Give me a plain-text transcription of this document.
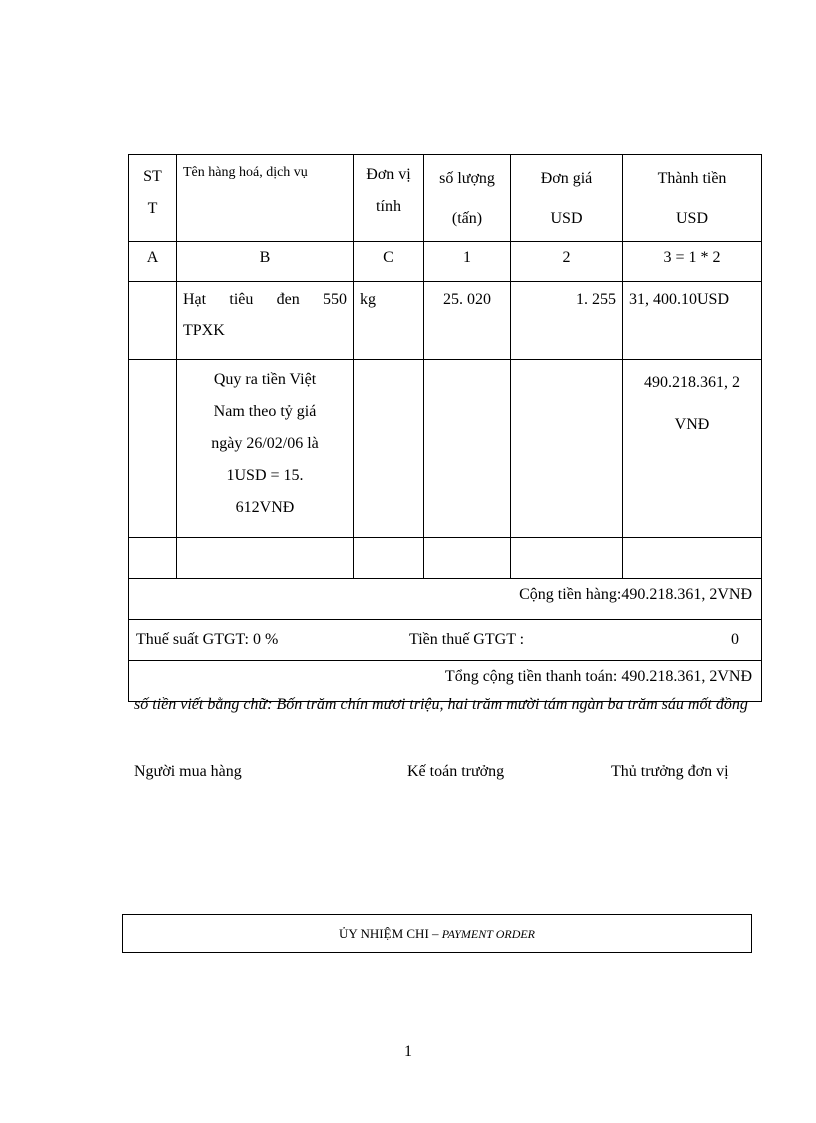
ST T	Tên hàng hoá, dịch vụ	Đơn vị tính	số lượng (tấn)	Đơn giá USD	Thành tiền USD
A	B	C	1	2	3 = 1 * 2
	Hạt tiêu đen 550 TPXK	kg	25. 020	1. 255	31, 400.10USD
	Quy ra tiền Việt Nam theo tỷ giá ngày 26/02/06 là 1USD = 15. 612VNĐ				490.218.361, 2 VNĐ

Cộng tiền hàng:490.218.361, 2VNĐ					

Thuế suất GTGT: 0 % Tiền thuế GTGT : 0					

Tổng cộng tiền thanh toán: 490.218.361, 2VNĐ					
số tiền viết bằng chữ: Bốn trăm chín mươi triệu, hai trăm mười tám ngàn ba trăm sáu mốt đồng
Người mua hàng	Kế toán trưởng	Thủ trưởng đơn vị
ỦY NHIỆM CHI – PAYMENT ORDER
1
